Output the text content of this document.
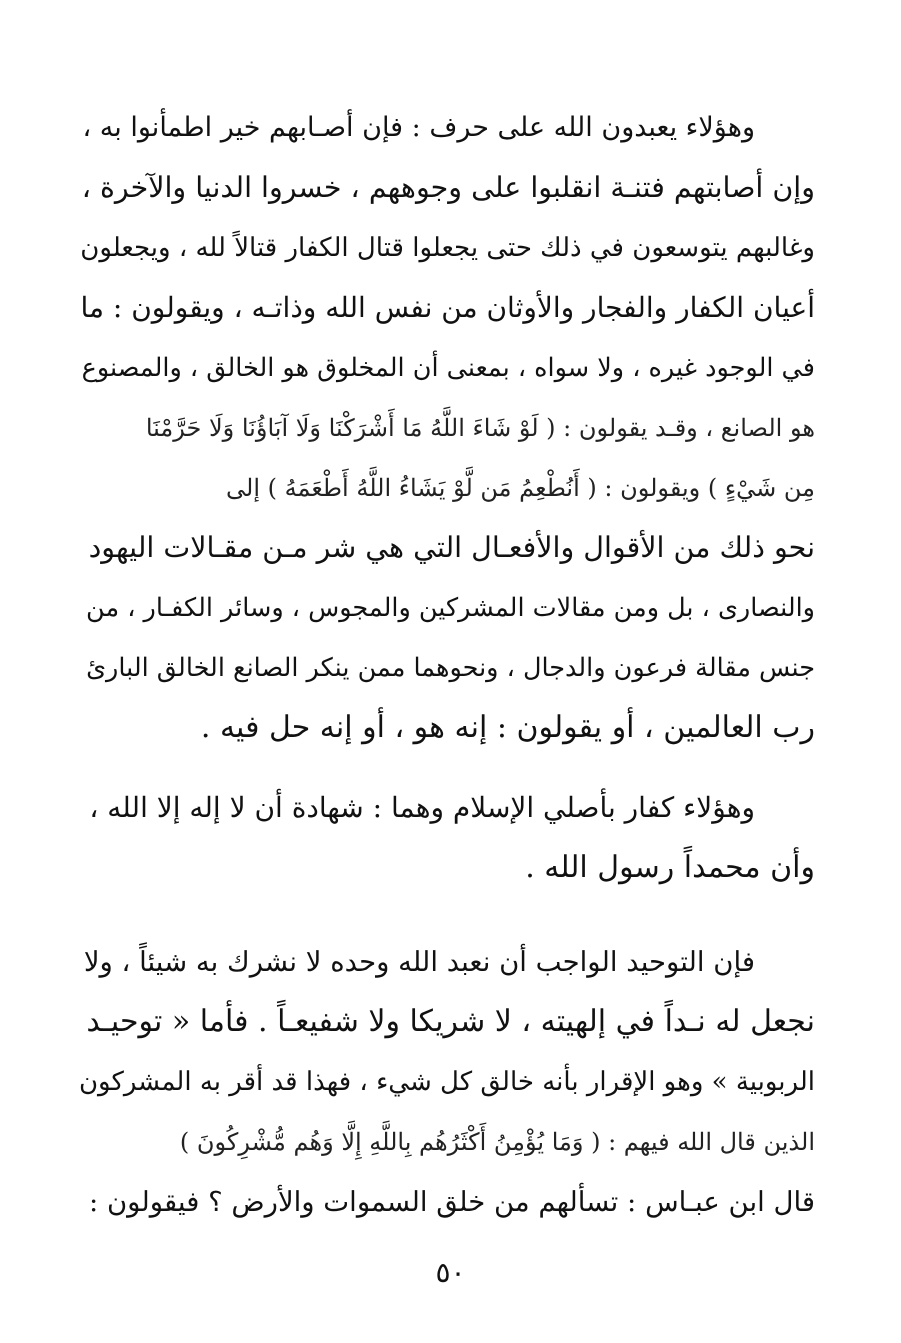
وهؤلاء يعبدون الله على حرف : فإن أصـابهم خير اطمأنوا به ،
وإن أصابتهم فتنـة انقلبوا على وجوههم ، خسروا الدنيا والآخرة ،
وغالبهم يتوسعون في ذلك حتى يجعلوا قتال الكفار قتالاً لله ، ويجعلون
أعيان الكفار والفجار والأوثان من نفس الله وذاتـه ، ويقولون : ما
في الوجود غيره ، ولا سواه ، بمعنى أن المخلوق هو الخالق ، والمصنوع
هو الصانع ، وقـد يقولون : ( لَوْ شَاءَ اللَّهُ مَا أَشْرَكْنَا وَلَا آبَاؤُنَا وَلَا حَرَّمْنَا
مِن شَيْءٍ ) ويقولون : ( أَنُطْعِمُ مَن لَّوْ يَشَاءُ اللَّهُ أَطْعَمَهُ ) إلى
نحو ذلك من الأقوال والأفعـال التي هي شر مـن مقـالات اليهود
والنصارى ، بل ومن مقالات المشركين والمجوس ، وسائر الكفـار ، من
جنس مقالة فرعون والدجال ، ونحوهما ممن ينكر الصانع الخالق البارئ
رب العالمين ، أو يقولون : إنه هو ، أو إنه حل فيه .
وهؤلاء كفار بأصلي الإسلام وهما : شهادة أن لا إله إلا الله ،
وأن محمداً رسول الله .
فإن التوحيد الواجب أن نعبد الله وحده لا نشرك به شيئاً ، ولا
نجعل له نـداً في إلهيته ، لا شريكا ولا شفيعـاً . فأما « توحيـد
الربوبية » وهو الإقرار بأنه خالق كل شيء ، فهذا قد أقر به المشركون
الذين قال الله فيهم : ( وَمَا يُؤْمِنُ أَكْثَرُهُم بِاللَّهِ إِلَّا وَهُم مُّشْرِكُونَ )
قال ابن عبـاس : تسألهم من خلق السموات والأرض ؟ فيقولون :
٥٠
